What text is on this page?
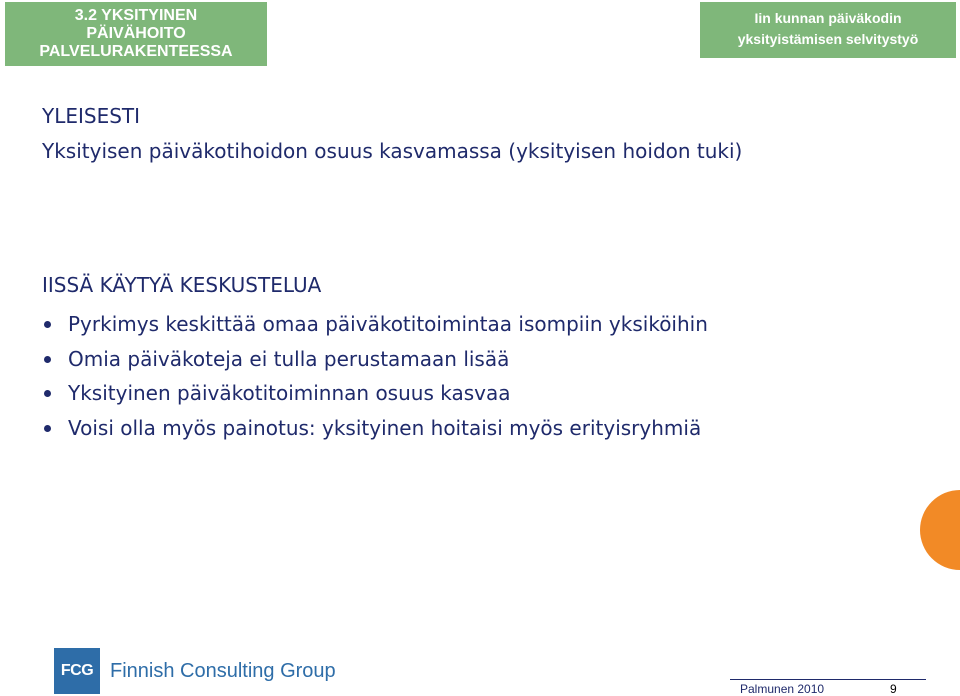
3.2 YKSITYINEN
PÄIVÄHOITO
PALVELURAKENTEESSA
Iin kunnan päiväkodin
yksityistämisen selvitystyö
YLEISESTI
Yksityisen päiväkotihoidon osuus kasvamassa (yksityisen hoidon tuki)
IISSÄ KÄYTYÄ KESKUSTELUA
Pyrkimys keskittää omaa päiväkotitoimintaa isompiin yksiköihin
Omia päiväkoteja ei tulla perustamaan lisää
Yksityinen päiväkotitoiminnan osuus kasvaa
Voisi olla myös painotus: yksityinen hoitaisi myös erityisryhmiä
FCG Finnish Consulting Group
Palmunen 2010	9
